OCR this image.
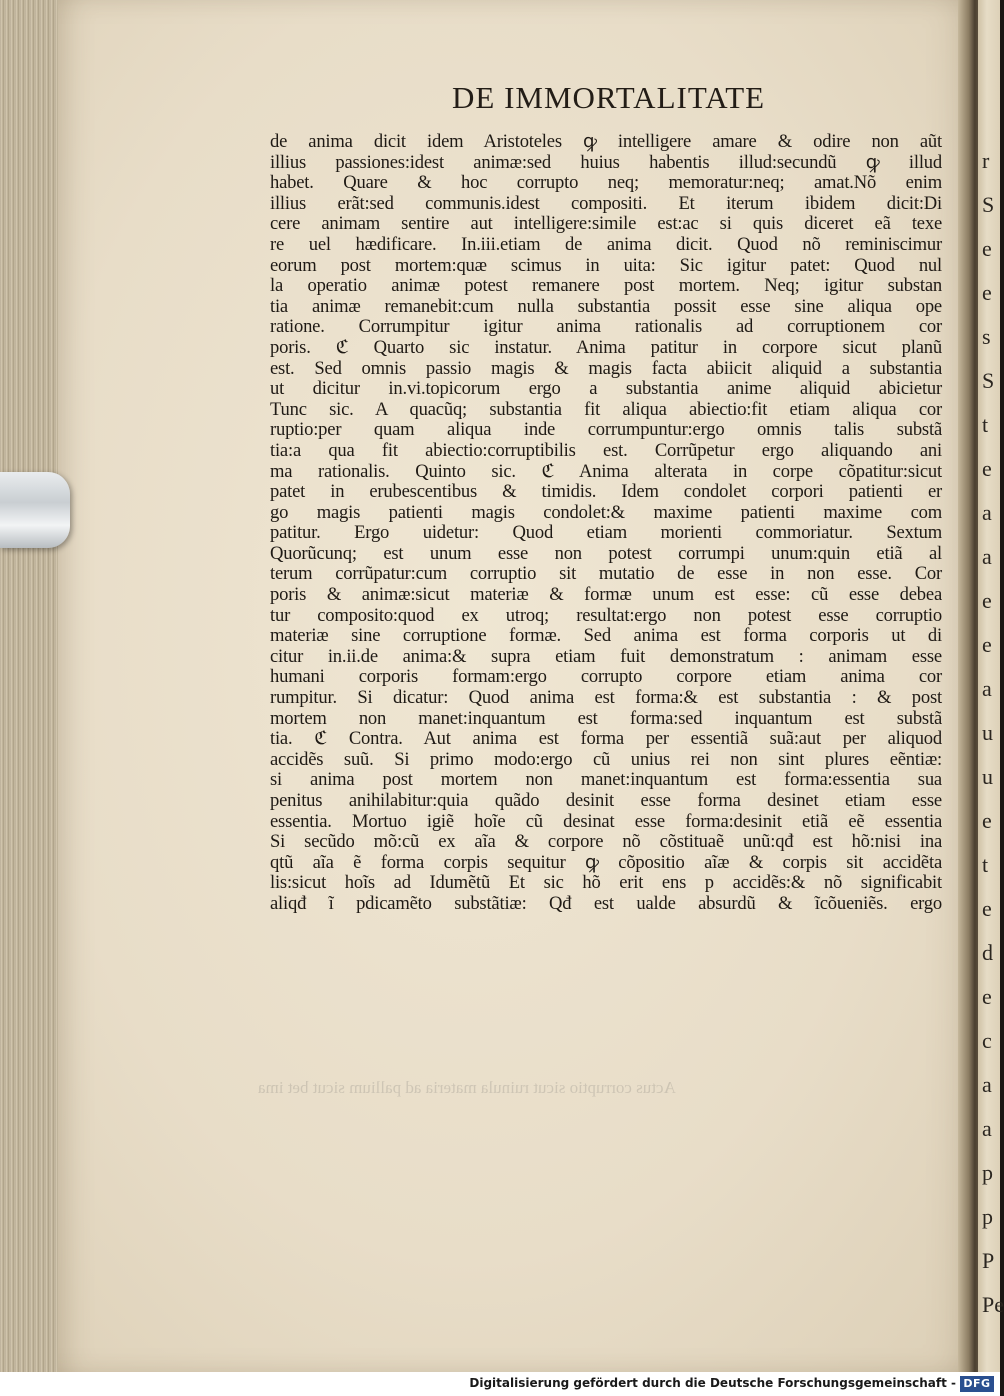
r
S
e
e
s
S
t
e
a
a
e
e
a
u
u
e
t
e
d
e
c
a
a
p
p
P
Pe
DE IMMORTALITATE
de anima dicit idem Aristoteles ꝙ intelligere amare & odire non aũt
illius passiones:idest animæ:sed huius habentis illud:secundũ ꝙ illud
habet. Quare & hoc corrupto neq; memoratur:neq; amat.Nõ enim
illius erãt:sed communis.idest compositi. Et iterum ibidem dicit:Di
cere animam sentire aut intelligere:simile est:ac si quis diceret eã texe
re uel hædificare. In.iii.etiam de anima dicit. Quod nõ reminiscimur
eorum post mortem:quæ scimus in uita: Sic igitur patet: Quod nul
la operatio animæ potest remanere post mortem. Neq; igitur substan
tia animæ remanebit:cum nulla substantia possit esse sine aliqua ope
ratione. Corrumpitur igitur anima rationalis ad corruptionem cor
poris. ℭ Quarto sic instatur. Anima patitur in corpore sicut planũ
est. Sed omnis passio magis & magis facta abiicit aliquid a substantia
ut dicitur in.vi.topicorum ergo a substantia anime aliquid abicietur
Tunc sic. A quacũq; substantia fit aliqua abiectio:fit etiam aliqua cor
ruptio:per quam aliqua inde corrumpuntur:ergo omnis talis substã
tia:a qua fit abiectio:corruptibilis est. Corrũpetur ergo aliquando ani
ma rationalis. Quinto sic. ℭ Anima alterata in corpe cõpatitur:sicut
patet in erubescentibus & timidis. Idem condolet corpori patienti er
go magis patienti magis condolet:& maxime patienti maxime com
patitur. Ergo uidetur: Quod etiam morienti commoriatur. Sextum
Quorũcunq; est unum esse non potest corrumpi unum:quin etiã al
terum corrũpatur:cum corruptio sit mutatio de esse in non esse. Cor
poris & animæ:sicut materiæ & formæ unum est esse: cũ esse debea
tur composito:quod ex utroq; resultat:ergo non potest esse corruptio
materiæ sine corruptione formæ. Sed anima est forma corporis ut di
citur in.ii.de anima:& supra etiam fuit demonstratum : animam esse
humani corporis formam:ergo corrupto corpore etiam anima cor
rumpitur. Si dicatur: Quod anima est forma:& est substantia : & post
mortem non manet:inquantum est forma:sed inquantum est substã
tia. ℭ Contra. Aut anima est forma per essentiã suã:aut per aliquod
accidẽs suũ. Si primo modo:ergo cũ unius rei non sint plures eẽntiæ:
si anima post mortem non manet:inquantum est forma:essentia sua
penitus anihilabitur:quia quãdo desinit esse forma desinet etiam esse
essentia. Mortuo igiẽ hoĩe cũ desinat esse forma:desinit etiã eẽ essentia
Si secũdo mõ:cũ ex aĩa & corpore nõ cõstituaẽ unũ:qđ est hõ:nisi ina
qtũ aĩa ẽ forma corpis sequitur ꝙ cõpositio aĩæ & corpis sit accidẽta
lis:sicut hoĩs ad Idumẽtũ Et sic hõ erit ens p accidẽs:& nõ significabit
aliqđ ĩ pdicamẽto substãtiæ: Qđ est ualde absurdũ & ĩcõueniẽs. ergo
Actus corruptio sicut ruinula materia ad pallium sicut bet ima
Digitalisierung gefördert durch die Deutsche Forschungsgemeinschaft - DFG
